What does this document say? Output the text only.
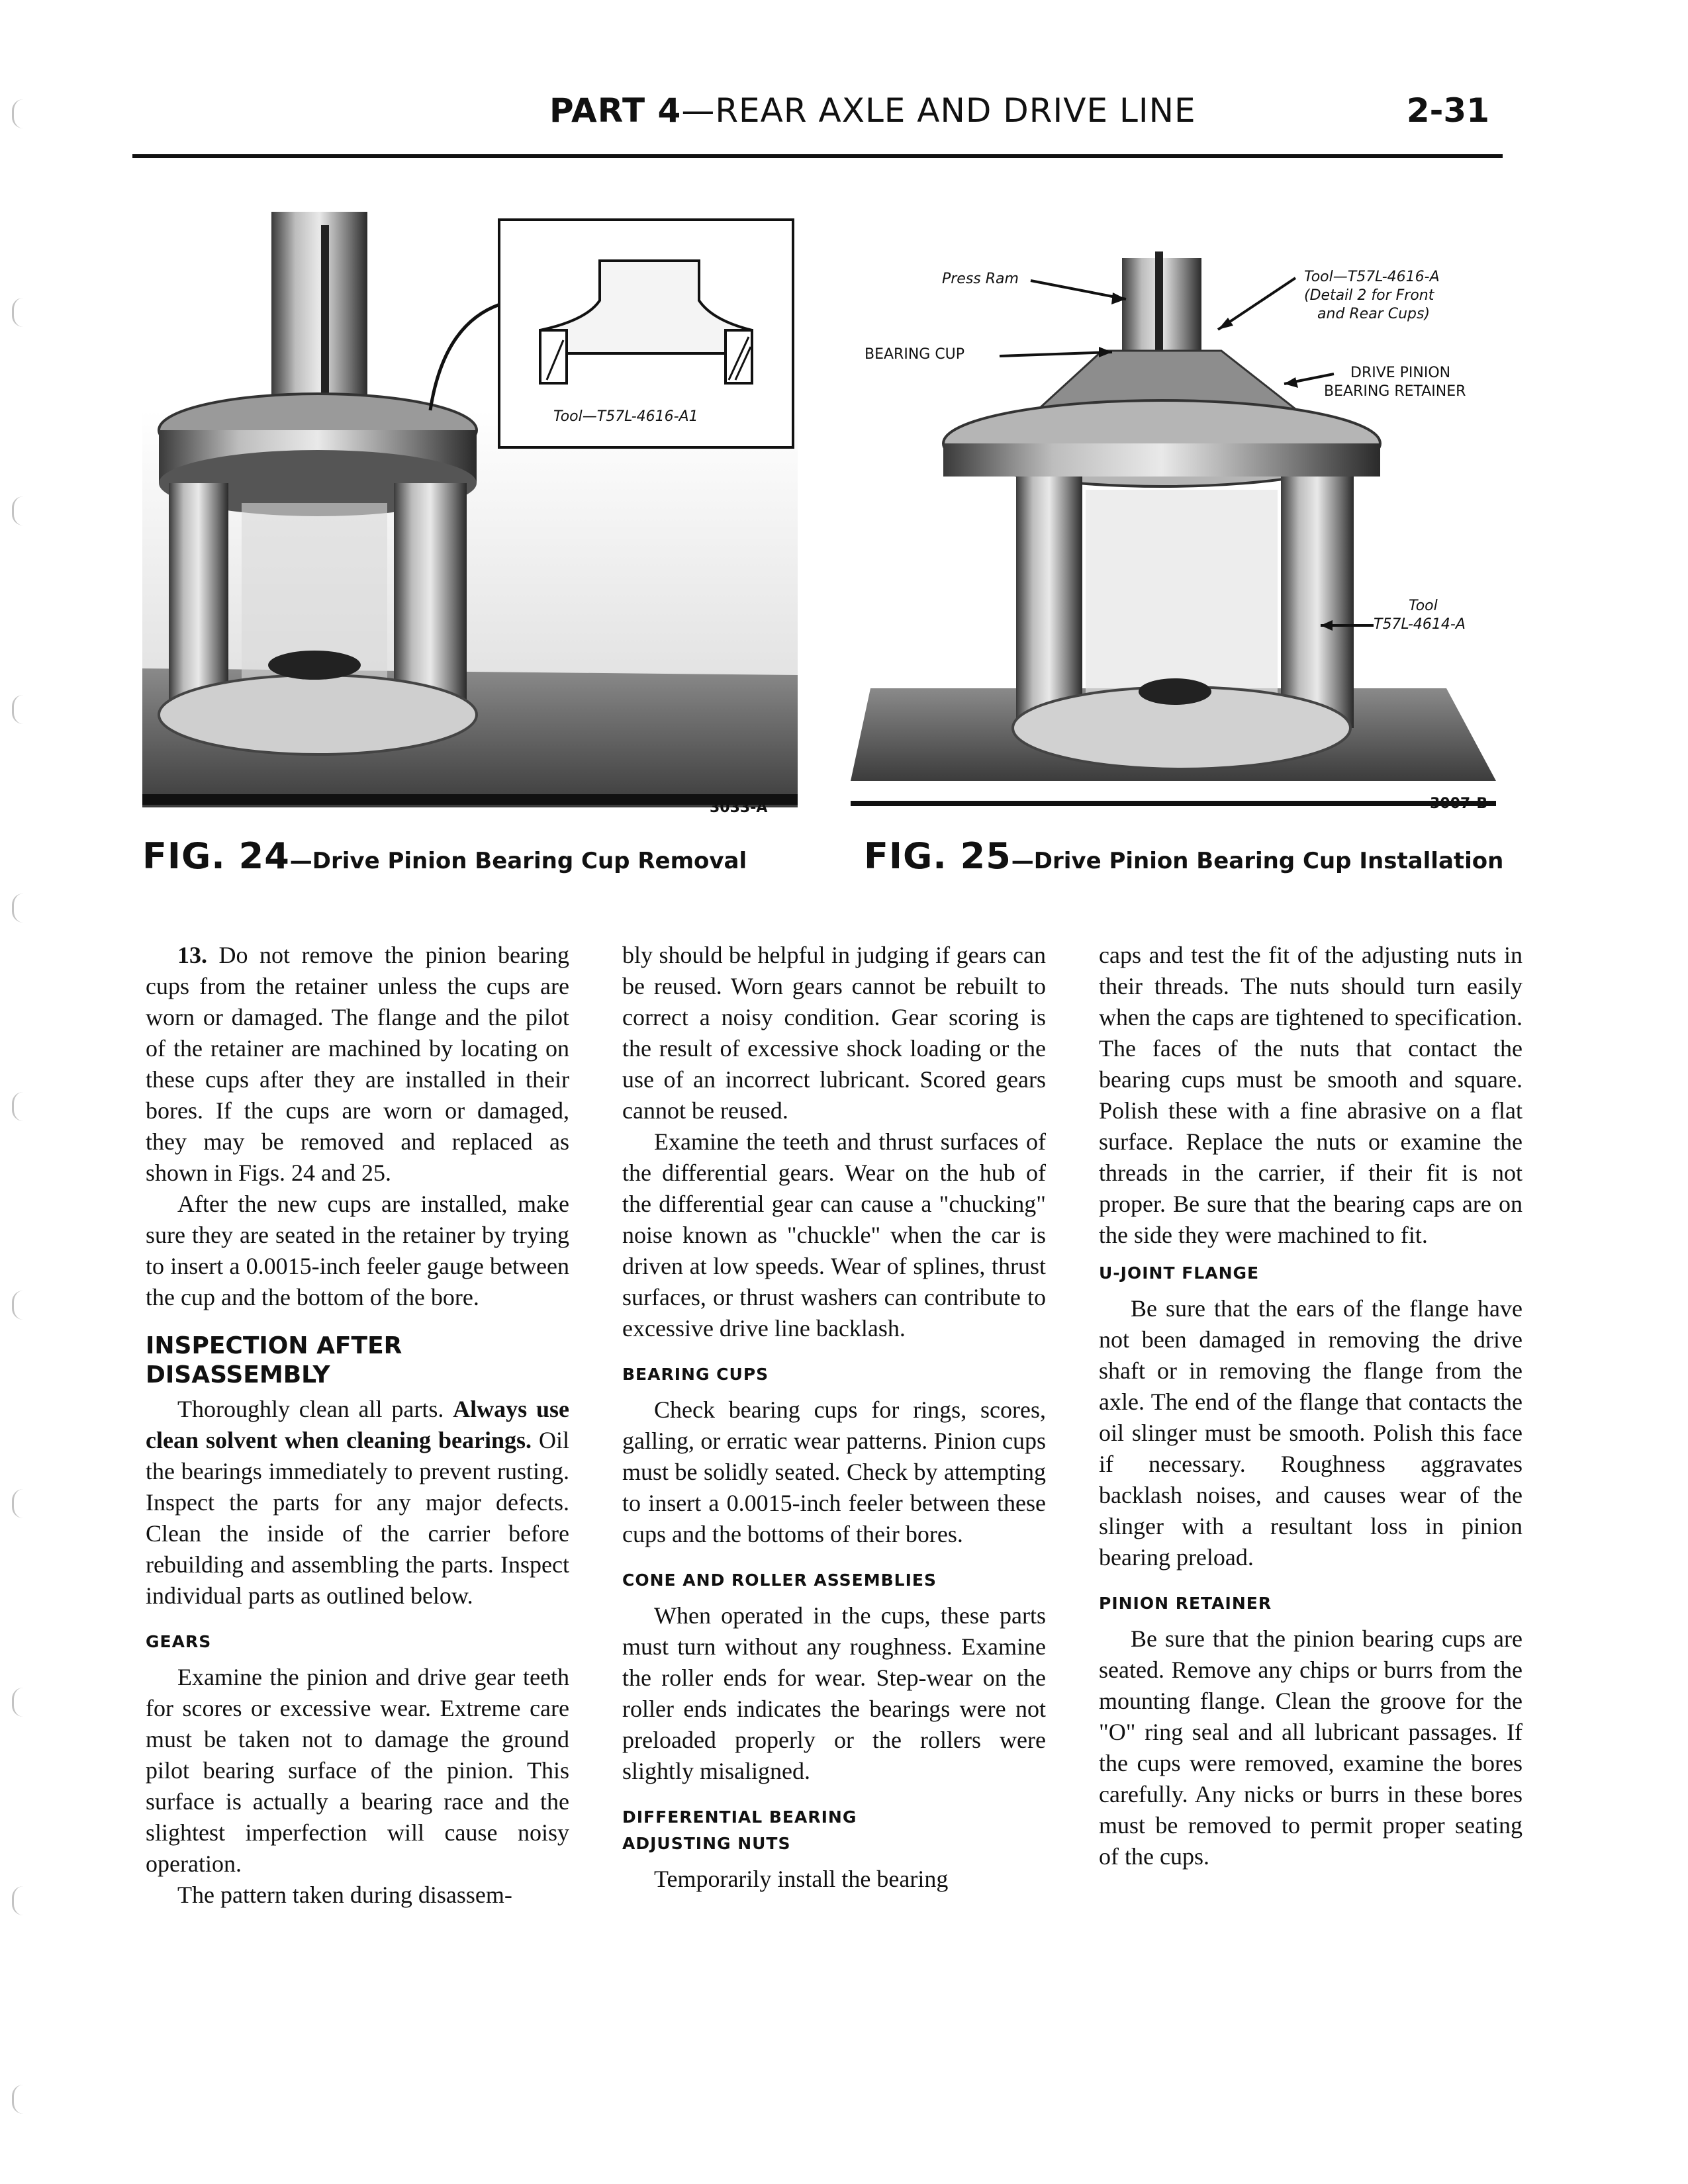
PART 4—REAR AXLE AND DRIVE LINE	2-31
Tool—T57L-4616-A1
3033-A
FIG. 24—Drive Pinion Bearing Cup Removal
Press Ram
BEARING CUP
Tool—T57L-4616-A
(Detail 2 for Front
and Rear Cups)
DRIVE PINION
BEARING RETAINER
Tool
T57L-4614-A
3007-B
FIG. 25—Drive Pinion Bearing Cup Installation

13. Do not remove the pinion bearing cups from the retainer unless the cups are worn or damaged. The flange and the pilot of the retainer are machined by locating on these cups after they are installed in their bores. If the cups are worn or damaged, they may be removed and replaced as shown in Figs. 24 and 25.

After the new cups are installed, make sure they are seated in the retainer by trying to insert a 0.0015-inch feeler gauge between the cup and the bottom of the bore.

INSPECTION AFTER
DISASSEMBLY

Thoroughly clean all parts. Always use clean solvent when cleaning bearings. Oil the bearings immediately to prevent rusting. Inspect the parts for any major defects. Clean the inside of the carrier before rebuilding and assembling the parts. Inspect individual parts as outlined below.

GEARS

Examine the pinion and drive gear teeth for scores or excessive wear. Extreme care must be taken not to damage the ground pilot bearing surface of the pinion. This surface is actually a bearing race and the slightest imperfection will cause noisy operation.

The pattern taken during disassem-

bly should be helpful in judging if gears can be reused. Worn gears cannot be rebuilt to correct a noisy condition. Gear scoring is the result of excessive shock loading or the use of an incorrect lubricant. Scored gears cannot be reused.

Examine the teeth and thrust surfaces of the differential gears. Wear on the hub of the differential gear can cause a "chucking" noise known as "chuckle" when the car is driven at low speeds. Wear of splines, thrust surfaces, or thrust washers can contribute to excessive drive line backlash.

BEARING CUPS

Check bearing cups for rings, scores, galling, or erratic wear patterns. Pinion cups must be solidly seated. Check by attempting to insert a 0.0015-inch feeler between these cups and the bottoms of their bores.

CONE AND ROLLER ASSEMBLIES

When operated in the cups, these parts must turn without any roughness. Examine the roller ends for wear. Step-wear on the roller ends indicates the bearings were not preloaded properly or the rollers were slightly misaligned.

DIFFERENTIAL BEARING
ADJUSTING NUTS

Temporarily install the bearing

caps and test the fit of the adjusting nuts in their threads. The nuts should turn easily when the caps are tightened to specification. The faces of the nuts that contact the bearing cups must be smooth and square. Polish these with a fine abrasive on a flat surface. Replace the nuts or examine the threads in the carrier, if their fit is not proper. Be sure that the bearing caps are on the side they were machined to fit.

U-JOINT FLANGE

Be sure that the ears of the flange have not been damaged in removing the drive shaft or in removing the flange from the axle. The end of the flange that contacts the oil slinger must be smooth. Polish this face if necessary. Roughness aggravates backlash noises, and causes wear of the slinger with a resultant loss in pinion bearing preload.

PINION RETAINER

Be sure that the pinion bearing cups are seated. Remove any chips or burrs from the mounting flange. Clean the groove for the "O" ring seal and all lubricant passages. If the cups were removed, examine the bores carefully. Any nicks or burrs in these bores must be removed to permit proper seating of the cups.
